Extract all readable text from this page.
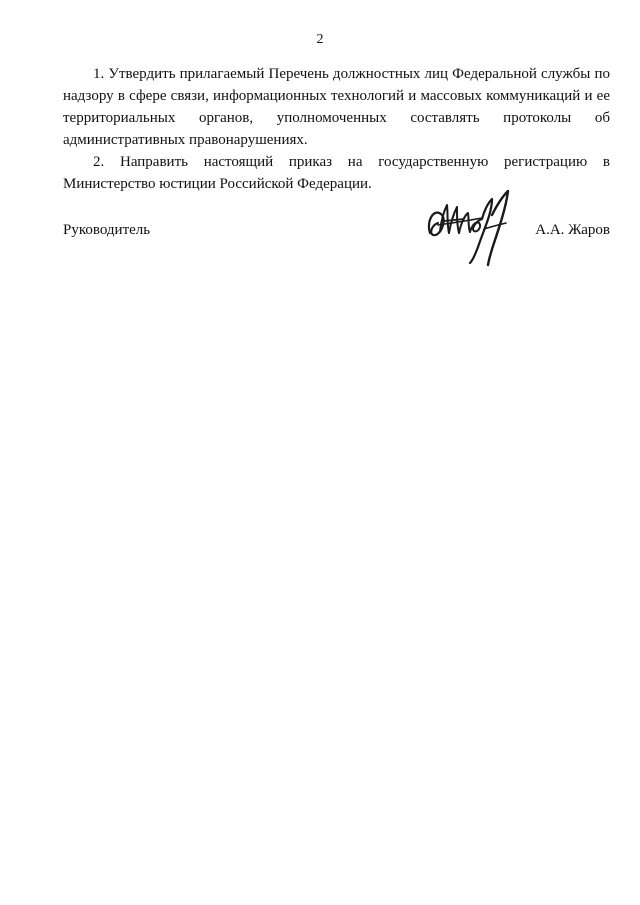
2

1. Утвердить прилагаемый Перечень должностных лиц Федеральной службы по надзору в сфере связи, информационных технологий и массовых коммуникаций и ее территориальных органов, уполномоченных составлять протоколы об административных правонарушениях.

2. Направить настоящий приказ на государственную регистрацию в Министерство юстиции Российской Федерации.

Руководитель	А.А. Жаров
